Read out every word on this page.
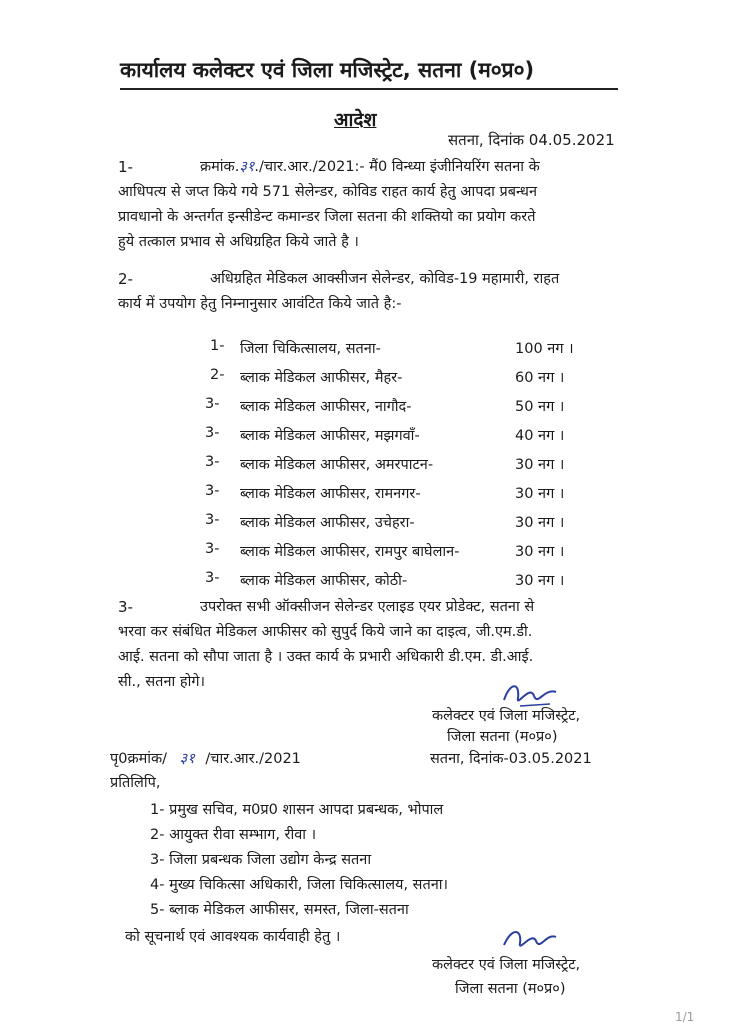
कार्यालय कलेक्टर एवं जिला मजिस्ट्रेट, सतना (म०प्र०)
आदेश
सतना, दिनांक 04.05.2021
1-	क्रमांक.३१./चार.आर./2021:- मैं0 विन्ध्या इंजीनियरिंग सतना के
आधिपत्य से जप्त किये गये 571 सेलेन्डर, कोविड राहत कार्य हेतु आपदा प्रबन्धन
प्रावधानो के अन्तर्गत इन्सीडेन्ट कमान्डर जिला सतना की शक्तियो का प्रयोग करते
हुये तत्काल प्रभाव से अधिग्रहित किये जाते है ।
2-	अधिग्रहित मेडिकल आक्सीजन सेलेन्डर, कोविड-19 महामारी, राहत
कार्य में उपयोग हेतु निम्नानुसार आवंटित किये जाते है:-
1- जिला चिकित्सालय, सतना-	100 नग ।
2- ब्लाक मेडिकल आफीसर, मैहर-	60 नग ।
3- ब्लाक मेडिकल आफीसर, नागौद-	50 नग ।
3- ब्लाक मेडिकल आफीसर, मझगवॉं-	40 नग ।
3- ब्लाक मेडिकल आफीसर, अमरपाटन-	30 नग ।
3- ब्लाक मेडिकल आफीसर, रामनगर-	30 नग ।
3- ब्लाक मेडिकल आफीसर, उचेहरा-	30 नग ।
3- ब्लाक मेडिकल आफीसर, रामपुर बाघेलान-	30 नग ।
3- ब्लाक मेडिकल आफीसर, कोठी-	30 नग ।
3-	उपरोक्त सभी ऑक्सीजन सेलेन्डर एलाइड एयर प्रोडेक्ट, सतना से
भरवा कर संबंधित मेडिकल आफीसर को सुपुर्द किये जाने का दाइत्व, जी.एम.डी.
आई. सतना को सौपा जाता है । उक्त कार्य के प्रभारी अधिकारी डी.एम. डी.आई.
सी., सतना होगे।
कलेक्टर एवं जिला मजिस्ट्रेट,
जिला सतना (म०प्र०)
पृ0क्रमांक/ ३१ /चार.आर./2021	सतना, दिनांक-03.05.2021
प्रतिलिपि,
1- प्रमुख सचिव, म0प्र0 शासन आपदा प्रबन्धक, भोपाल
2- आयुक्त रीवा सम्भाग, रीवा ।
3- जिला प्रबन्धक जिला उद्योग केन्द्र सतना
4- मुख्य चिकित्सा अधिकारी, जिला चिकित्सालय, सतना।
5- ब्लाक मेडिकल आफीसर, समस्त, जिला-सतना
को सूचनार्थ एवं आवश्यक कार्यवाही हेतु ।
कलेक्टर एवं जिला मजिस्ट्रेट,
जिला सतना (म०प्र०)
1/1
